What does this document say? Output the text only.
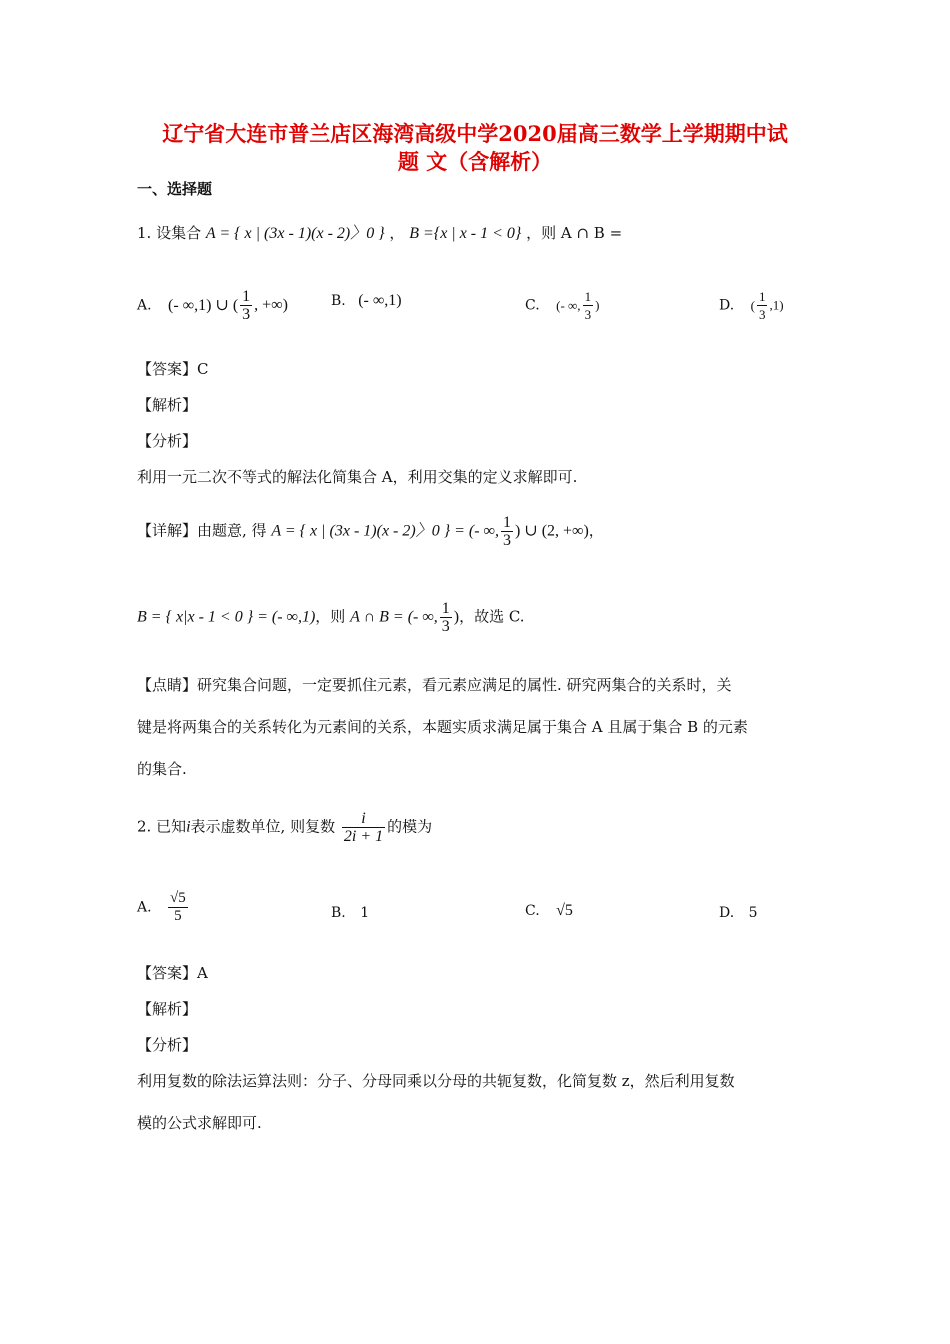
辽宁省大连市普兰店区海湾高级中学2020届高三数学上学期期中试
题 文（含解析）
一、选择题
1. 设集合 A = { x | (3x - 1)(x - 2)〉0 } ， B ={x | x - 1 < 0} ，则 A ∩ B =
A. (- ∞,1) ∪ ( $\frac{1}{3}$ , +∞)	B. (- ∞,1)	C. (- ∞, $\frac{1}{3}$ )	D. ( $\frac{1}{3} ,1$)
【答案】C
【解析】
【分析】
利用一元二次不等式的解法化简集合 A，利用交集的定义求解即可.
【详解】由题意, 得 A = { x | (3x - 1)(x - 2)〉0 } = (- ∞, $\frac{1}{3}$ ) ∪ (2, +∞)，
B = { x|x - 1 < 0 } = (- ∞,1)，则 A ∩ B = (- ∞, $\frac{1}{3}$ )，故选 C.
【点睛】研究集合问题，一定要抓住元素，看元素应满足的属性. 研究两集合的关系时，关
键是将两集合的关系转化为元素间的关系，本题实质求满足属于集合 A 且属于集合 B 的元素
的集合.
2. 已知i表示虚数单位, 则复数 $\frac{i}{2i + 1}$ 的模为
A. $\frac{√5}{5}$	B. 1	C. √5	D. 5
【答案】A
【解析】
【分析】
利用复数的除法运算法则：分子、分母同乘以分母的共轭复数，化简复数 z，然后利用复数
模的公式求解即可.
